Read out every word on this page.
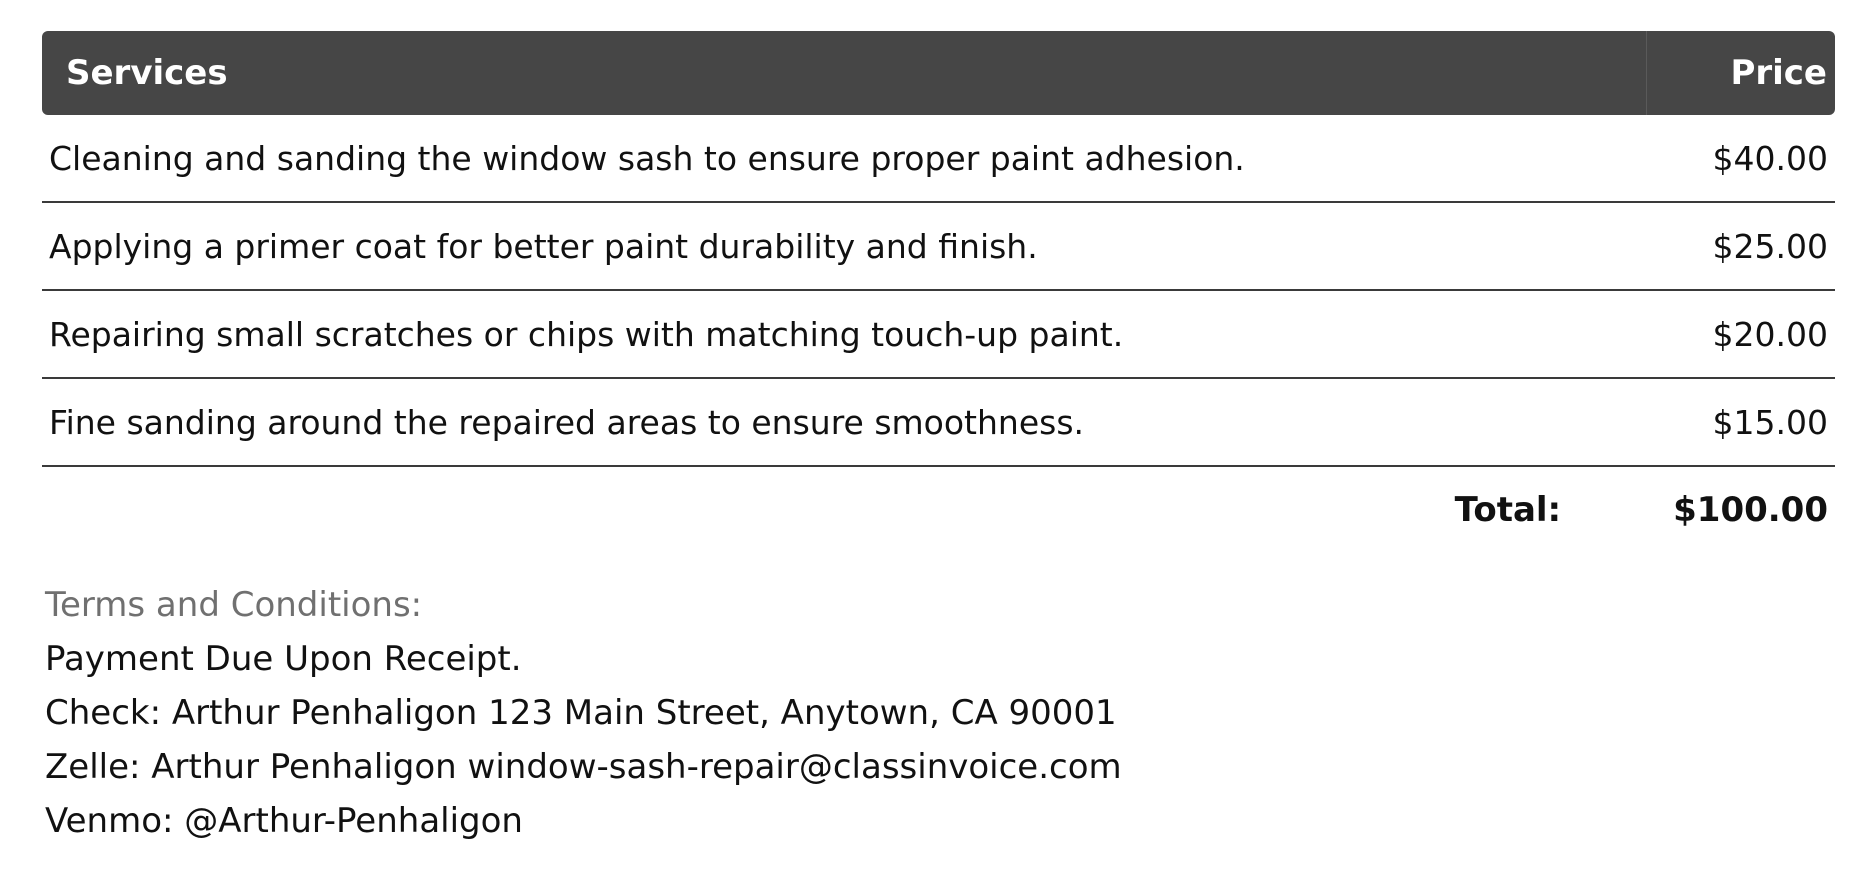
Services	Price
Cleaning and sanding the window sash to ensure proper paint adhesion.	$40.00
Applying a primer coat for better paint durability and finish.	$25.00
Repairing small scratches or chips with matching touch-up paint.	$20.00
Fine sanding around the repaired areas to ensure smoothness.	$15.00
Total:	$100.00
Terms and Conditions:
Payment Due Upon Receipt.
Check: Arthur Penhaligon 123 Main Street, Anytown, CA 90001
Zelle: Arthur Penhaligon window-sash-repair@classinvoice.com
Venmo: @Arthur-Penhaligon
